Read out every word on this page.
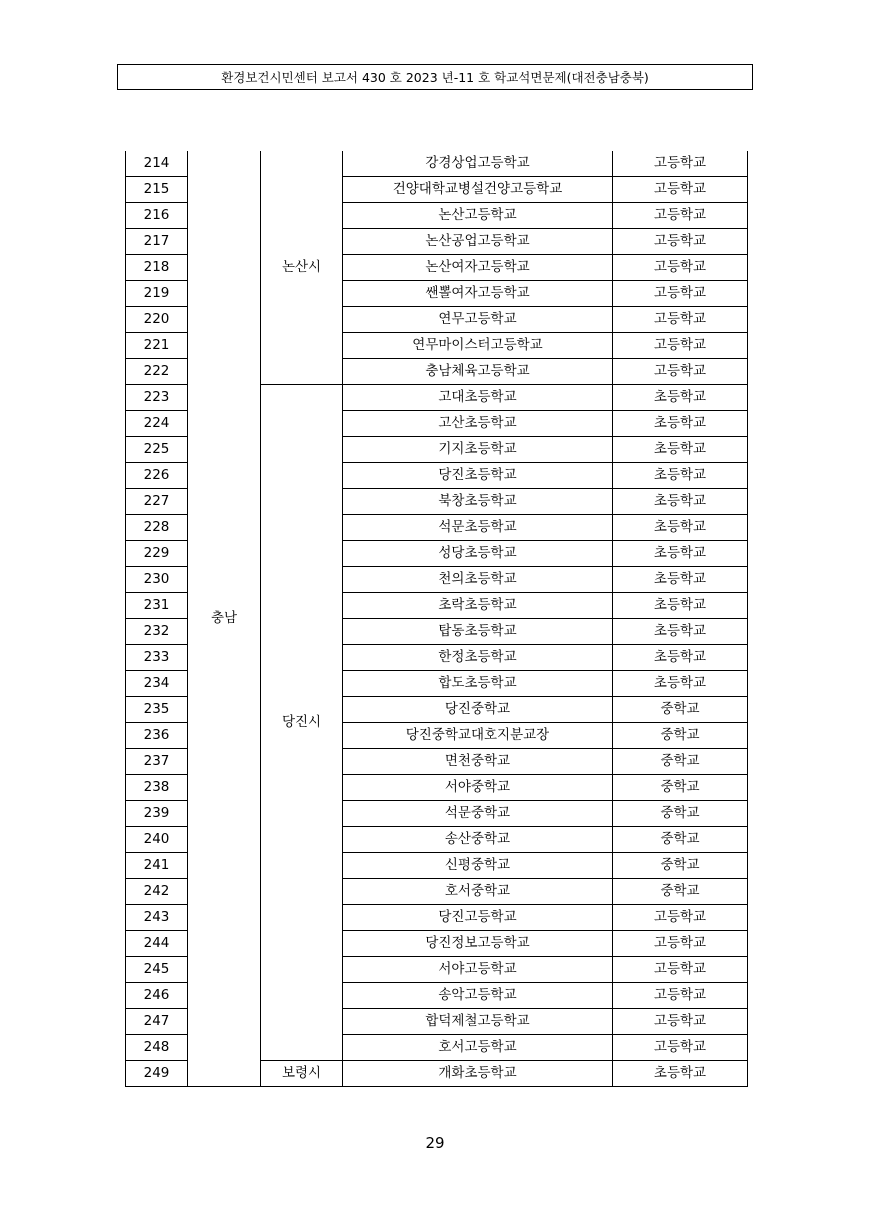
환경보건시민센터 보고서 430 호 2023 년-11 호 학교석면문제(대전충남충북)
214	충남	논산시	강경상업고등학교	고등학교
215			건양대학교병설건양고등학교	고등학교
216			논산고등학교	고등학교
217			논산공업고등학교	고등학교
218			논산여자고등학교	고등학교
219			쌘뽈여자고등학교	고등학교
220			연무고등학교	고등학교
221			연무마이스터고등학교	고등학교
222			충남체육고등학교	고등학교
223		당진시	고대초등학교	초등학교
224			고산초등학교	초등학교
225			기지초등학교	초등학교
226			당진초등학교	초등학교
227			북창초등학교	초등학교
228			석문초등학교	초등학교
229			성당초등학교	초등학교
230			천의초등학교	초등학교
231			초락초등학교	초등학교
232			탑동초등학교	초등학교
233			한정초등학교	초등학교
234			합도초등학교	초등학교
235			당진중학교	중학교
236			당진중학교대호지분교장	중학교
237			면천중학교	중학교
238			서야중학교	중학교
239			석문중학교	중학교
240			송산중학교	중학교
241			신평중학교	중학교
242			호서중학교	중학교
243			당진고등학교	고등학교
244			당진정보고등학교	고등학교
245			서야고등학교	고등학교
246			송악고등학교	고등학교
247			합덕제철고등학교	고등학교
248			호서고등학교	고등학교
249		보령시	개화초등학교	초등학교
29
